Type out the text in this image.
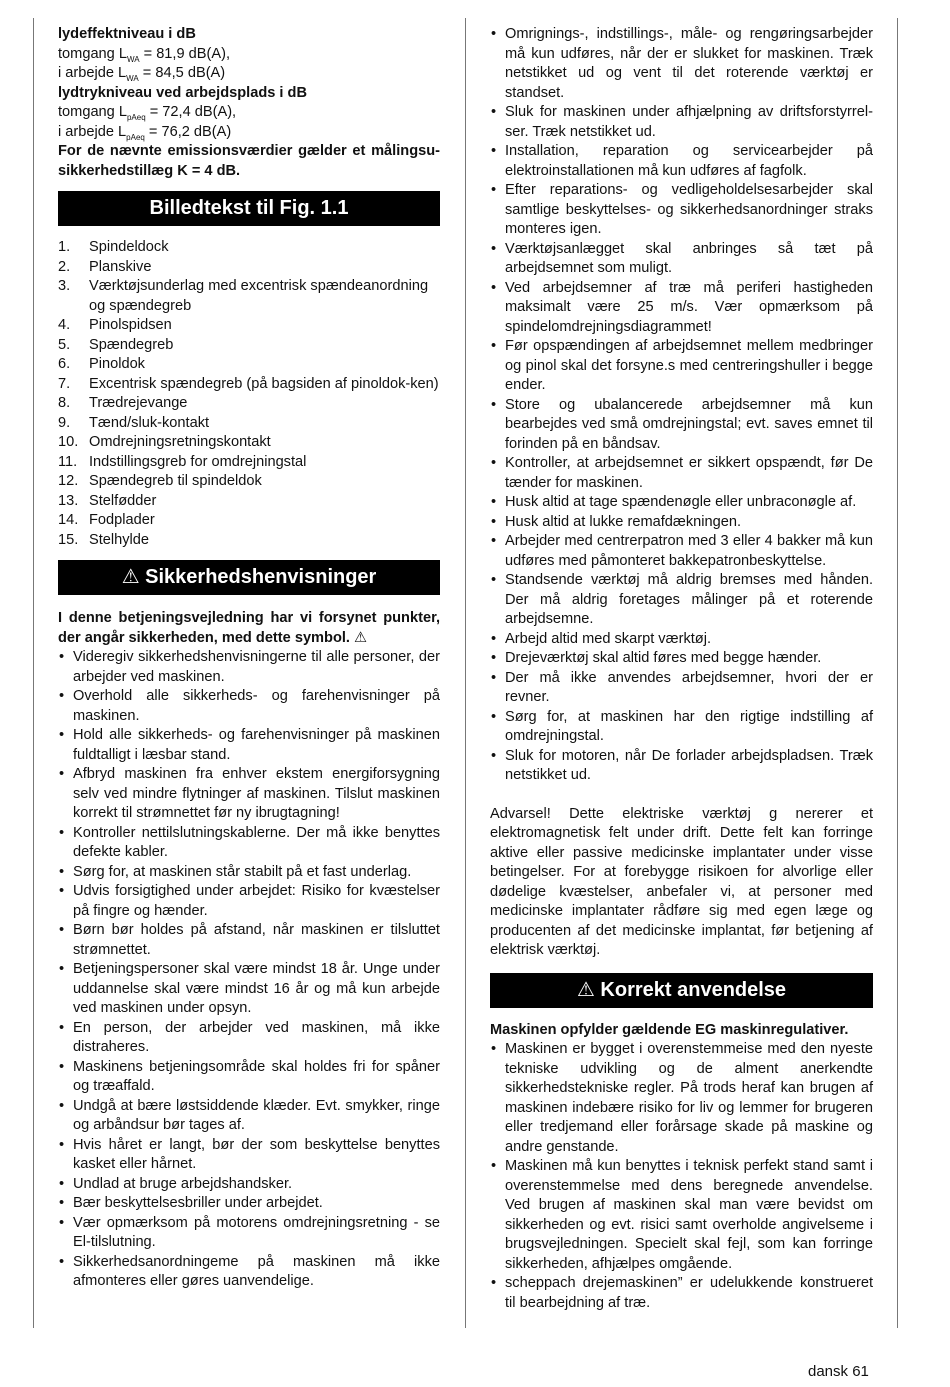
lydeffektniveau i dB
tomgang $L_{WA} = 81,9$ dB(A),
i arbejde $L_{WA} = 84,5$ dB(A)
lydtrykniveau ved arbejdsplads i dB
tomgang $L_{pAeq} = 72,4$ dB(A),
i arbejde $L_{pAeq} = 76,2$ dB(A)
For de nævnte emissionsværdier gælder et målingsu-sikkerhedstillæg K = 4 dB.
Billedtekst til Fig. 1.1
1. Spindeldock
2. Planskive
3. Værktøjsunderlag med excentrisk spændeanordning og spændegreb
4. Pinolspidsen
5. Spændegreb
6. Pinoldok
7. Excentrisk spændegreb (på bagsiden af pinoldok-ken)
8. Trædrejevange
9. Tænd/sluk-kontakt
10. Omdrejningsretningskontakt
11. Indstillingsgreb for omdrejningstal
12. Spændegreb til spindeldok
13. Stelfødder
14. Fodplader
15. Stelhylde
⚠ Sikkerhedshenvisninger

I denne betjeningsvejledning har vi forsynet punkter, der angår sikkerheden, med dette symbol. ⚠

• Videregiv sikkerhedshenvisningerne til alle personer, der arbejder ved maskinen.
• Overhold alle sikkerheds- og farehenvisninger på maskinen.
• Hold alle sikkerheds- og farehenvisninger på maskinen fuldtalligt i læsbar stand.
• Afbryd maskinen fra enhver ekstem energiforsygning selv ved mindre flytninger af maskinen. Tilslut maskinen korrekt til strømnettet før ny ibrugtagning!
• Kontroller nettilslutningskablerne. Der må ikke benyttes defekte kabler.
• Sørg for, at maskinen står stabilt på et fast underlag.
• Udvis forsigtighed under arbejdet: Risiko for kvæstelser på fingre og hænder.
• Børn bør holdes på afstand, når maskinen er tilsluttet strømnettet.
• Betjeningspersoner skal være mindst 18 år. Unge under uddannelse skal være mindst 16 år og må kun arbejde ved maskinen under opsyn.
• En person, der arbejder ved maskinen, må ikke distraheres.
• Maskinens betjeningsområde skal holdes fri for spåner og træaffald.
• Undgå at bære løstsiddende klæder. Evt. smykker, ringe og arbåndsur bør tages af.
• Hvis håret er langt, bør der som beskyttelse benyttes kasket eller hårnet.
• Undlad at bruge arbejdshandsker.
• Bær beskyttelsesbriller under arbejdet.
• Vær opmærksom på motorens omdrejningsretning - se El-tilslutning.
• Sikkerhedsanordningeme på maskinen må ikke afmonteres eller gøres uanvendelige.
• Omrignings-, indstillings-, måle- og rengøringsarbejder må kun udføres, når der er slukket for maskinen. Træk netstikket ud og vent til det roterende værktøj er standset.
• Sluk for maskinen under afhjælpning av driftsforstyrrel-ser. Træk netstikket ud.
• Installation, reparation og servicearbejder på elektroinstallationen må kun udføres af fagfolk.
• Efter reparations- og vedligeholdelsesarbejder skal samtlige beskyttelses- og sikkerhedsanordninger straks monteres igen.
• Værktøjsanlægget skal anbringes så tæt på arbejdsemnet som muligt.
• Ved arbejdsemner af træ må periferi hastigheden maksimalt være 25 m/s. Vær opmærksom på spindelomdrejningsdiagrammet!
• Før opspændingen af arbejdsemnet mellem medbringer og pinol skal det forsyne.s med centreringshuller i begge ender.
• Store og ubalancerede arbejdsemner må kun bearbejdes ved små omdrejningstal; evt. saves emnet til forinden på en båndsav.
• Kontroller, at arbejdsemnet er sikkert opspændt, før De tænder for maskinen.
• Husk altid at tage spændenøgle eller unbraconøgle af.
• Husk altid at lukke remafdækningen.
• Arbejder med centrerpatron med 3 eller 4 bakker må kun udføres med påmonteret bakkepatronbeskyttelse.
• Standsende værktøj må aldrig bremses med hånden. Der må aldrig foretages målinger på et roterende arbejdsemne.
• Arbejd altid med skarpt værktøj.
• Drejeværktøj skal altid føres med begge hænder.
• Der må ikke anvendes arbejdsemner, hvori der er revner.
• Sørg for, at maskinen har den rigtige indstilling af omdrejningstal.
• Sluk for motoren, når De forlader arbejdspladsen. Træk netstikket ud.

Advarsel! Dette elektriske værktøj g nererer et elektromagnetisk felt under drift. Dette felt kan forringe aktive eller passive medicinske implantater under visse betingelser. For at forebygge risikoen for alvorlige eller dødelige kvæstelser, anbefaler vi, at personer med medicinske implantater rådføre sig med egen læge og producenten af det medicinske implantat, før betjening af elektrisk værktøj.

⚠ Korrekt anvendelse

Maskinen opfylder gældende EG maskinregulativer.

• Maskinen er bygget i overenstemmeise med den nyeste tekniske udvikling og de alment anerkendte sikkerhedstekniske regler. På trods heraf kan brugen af maskinen indebære risiko for liv og lemmer for brugeren eller tredjemand eller forårsage skade på maskine og andre genstande.
• Maskinen må kun benyttes i teknisk perfekt stand samt i overenstemmelse med dens beregnede anvendelse. Ved brugen af maskinen skal man være bevidst om sikkerheden og evt. risici samt overholde angivelseme i brugsvejledningen. Specielt skal fejl, som kan forringe sikkerheden, afhjælpes omgående.
• scheppach drejemaskinen” er udelukkende konstrueret til bearbejdning af træ.
dansk 61
